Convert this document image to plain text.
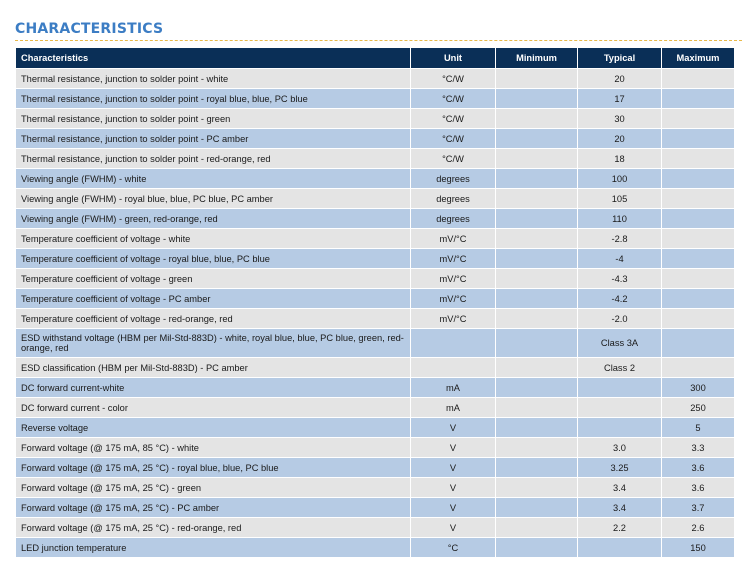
CHARACTERISTICS
Characteristics	Unit	Minimum	Typical	Maximum
Thermal resistance, junction to solder point - white	°C/W		20	
Thermal resistance, junction to solder point - royal blue, blue, PC blue	°C/W		17	
Thermal resistance, junction to solder point - green	°C/W		30	
Thermal resistance, junction to solder point - PC amber	°C/W		20	
Thermal resistance, junction to solder point - red-orange, red	°C/W		18	
Viewing angle (FWHM) - white	degrees		100	
Viewing angle (FWHM) - royal blue, blue, PC blue, PC amber	degrees		105	
Viewing angle (FWHM) - green, red-orange, red	degrees		110	
Temperature coefficient of voltage - white	mV/°C		-2.8	
Temperature coefficient of voltage - royal blue, blue, PC blue	mV/°C		-4	
Temperature coefficient of voltage - green	mV/°C		-4.3	
Temperature coefficient of voltage - PC amber	mV/°C		-4.2	
Temperature coefficient of voltage - red-orange, red	mV/°C		-2.0	
ESD withstand voltage (HBM per Mil-Std-883D) - white, royal blue, blue, PC blue, green, red-orange, red			Class 3A	
ESD classification (HBM per Mil-Std-883D) - PC amber			Class 2	
DC forward current-white	mA			300
DC forward current - color	mA			250
Reverse voltage	V			5
Forward voltage (@ 175 mA, 85 °C) - white	V		3.0	3.3
Forward voltage (@ 175 mA, 25 °C) - royal blue, blue, PC blue	V		3.25	3.6
Forward voltage (@ 175 mA, 25 °C) - green	V		3.4	3.6
Forward voltage (@ 175 mA, 25 °C) - PC amber	V		3.4	3.7
Forward voltage (@ 175 mA, 25 °C) - red-orange, red	V		2.2	2.6
LED junction temperature	°C			150
